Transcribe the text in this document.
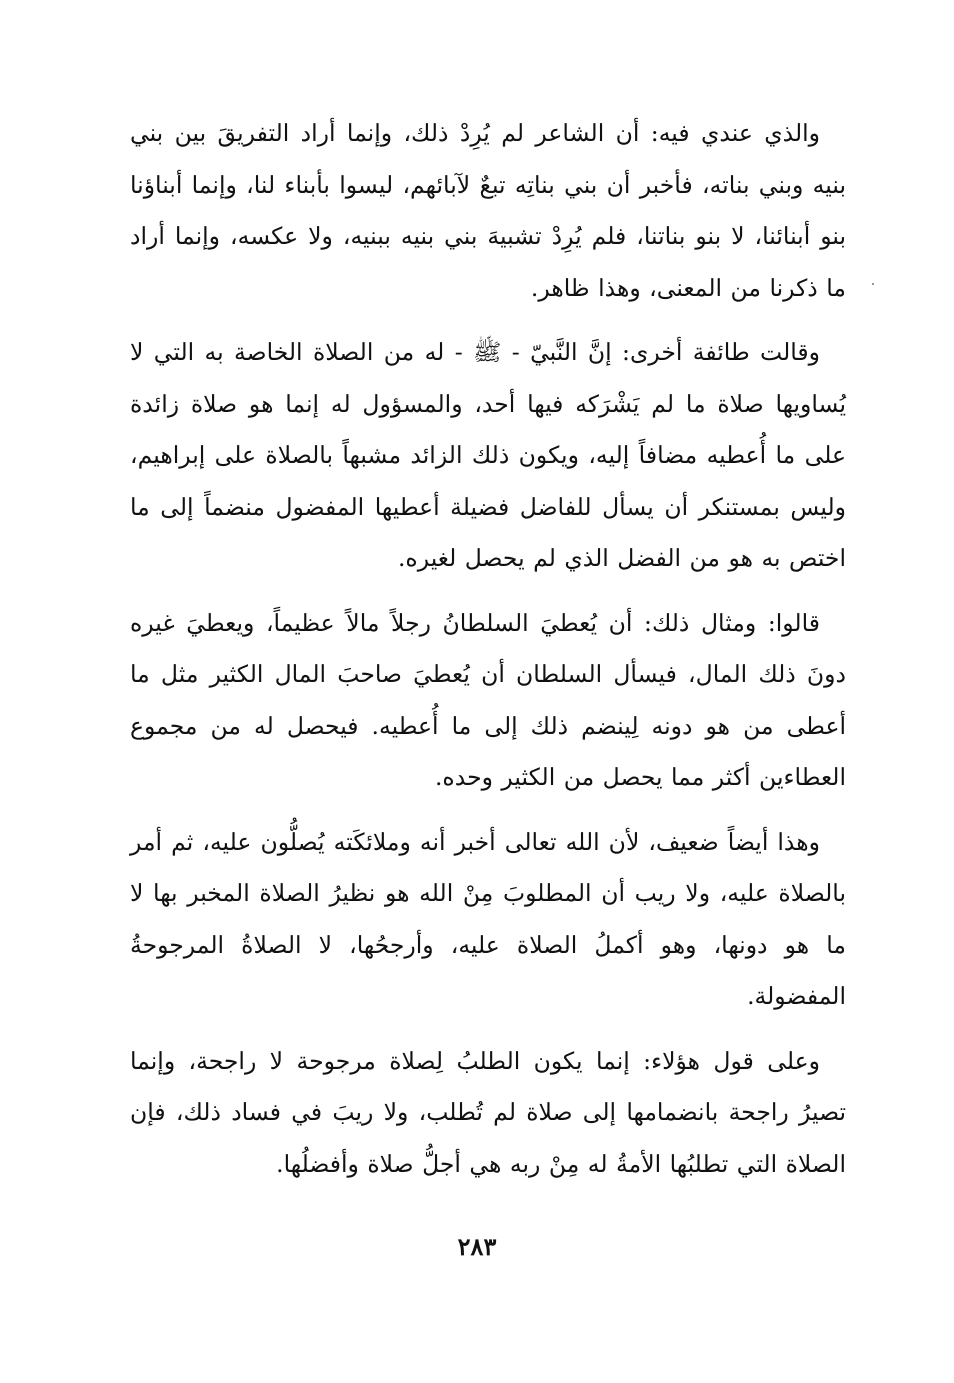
والذي عندي فيه: أن الشاعر لم يُرِدْ ذلك، وإنما أراد التفريقَ بين بني بنيه وبني بناته، فأخبر أن بني بناتِه تبعٌ لآبائهم، ليسوا بأبناء لنا، وإنما أبناؤنا بنو أبنائنا، لا بنو بناتنا، فلم يُرِدْ تشبيهَ بني بنيه ببنيه، ولا عكسه، وإنما أراد ما ذكرنا من المعنى، وهذا ظاهر.

وقالت طائفة أخرى: إنَّ النَّبيّ - ﷺ - له من الصلاة الخاصة به التي لا يُساويها صلاة ما لم يَشْرَكه فيها أحد، والمسؤول له إنما هو صلاة زائدة على ما أُعطيه مضافاً إليه، ويكون ذلك الزائد مشبهاً بالصلاة على إبراهيم، وليس بمستنكر أن يسأل للفاضل فضيلة أعطيها المفضول منضماً إلى ما اختص به هو من الفضل الذي لم يحصل لغيره.

قالوا: ومثال ذلك: أن يُعطيَ السلطانُ رجلاً مالاً عظيماً، ويعطيَ غيره دونَ ذلك المال، فيسأل السلطان أن يُعطيَ صاحبَ المال الكثير مثل ما أعطى من هو دونه لِينضم ذلك إلى ما أُعطيه. فيحصل له من مجموع العطاءين أكثر مما يحصل من الكثير وحده.

وهذا أيضاً ضعيف، لأن الله تعالى أخبر أنه وملائكَته يُصلُّون عليه، ثم أمر بالصلاة عليه، ولا ريب أن المطلوبَ مِنْ الله هو نظيرُ الصلاة المخبر بها لا ما هو دونها، وهو أكملُ الصلاة عليه، وأرجحُها، لا الصلاةُ المرجوحةُ المفضولة.

وعلى قول هؤلاء: إنما يكون الطلبُ لِصلاة مرجوحة لا راجحة، وإنما تصيرُ راجحة بانضمامها إلى صلاة لم تُطلب، ولا ريبَ في فساد ذلك، فإن الصلاة التي تطلبُها الأمةُ له مِنْ ربه هي أجلُّ صلاة وأفضلُها.

٢٨٣
